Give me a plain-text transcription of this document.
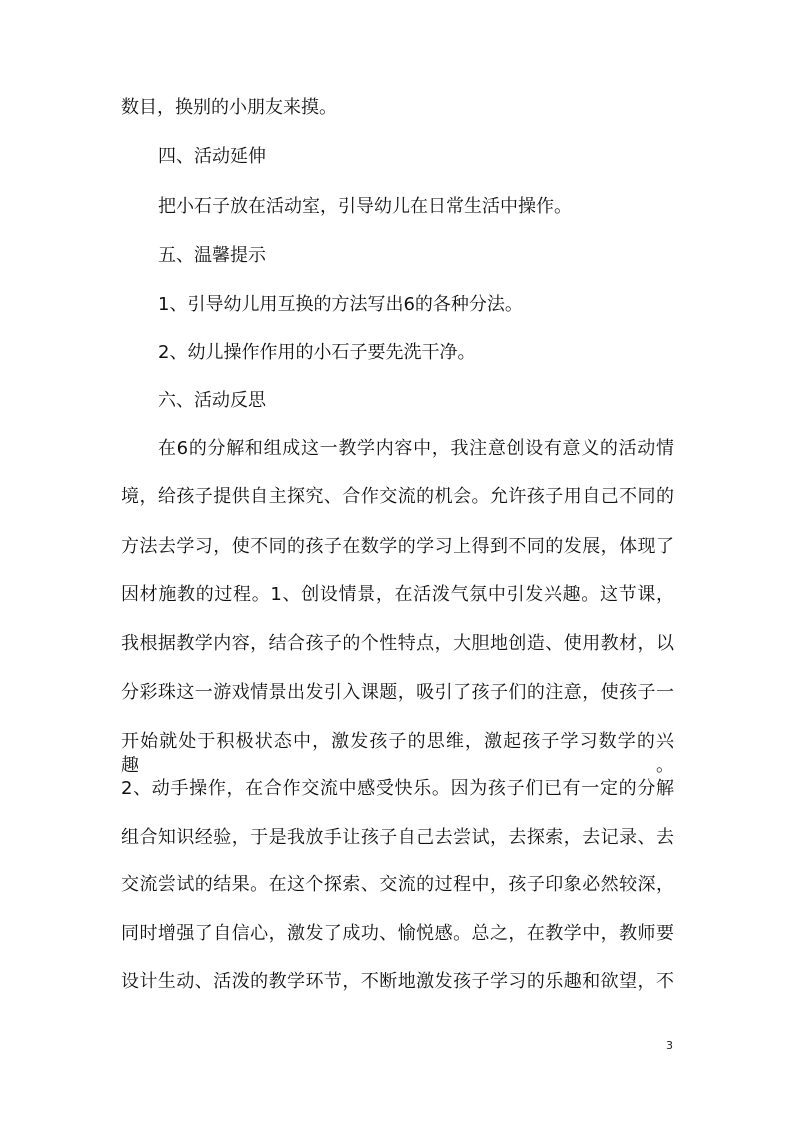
数目，换别的小朋友来摸。
四、活动延伸
把小石子放在活动室，引导幼儿在日常生活中操作。
五、温馨提示
1、引导幼儿用互换的方法写出6的各种分法。
2、幼儿操作作用的小石子要先洗干净。
六、活动反思
在6的分解和组成这一教学内容中，我注意创设有意义的活动情
境，给孩子提供自主探究、合作交流的机会。允许孩子用自己不同的
方法去学习，使不同的孩子在数学的学习上得到不同的发展，体现了
因材施教的过程。1、创设情景，在活泼气氛中引发兴趣。这节课，
我根据教学内容，结合孩子的个性特点，大胆地创造、使用教材，以
分彩珠这一游戏情景出发引入课题，吸引了孩子们的注意，使孩子一
开始就处于积极状态中，激发孩子的思维，激起孩子学习数学的兴趣。
2、动手操作，在合作交流中感受快乐。因为孩子们已有一定的分解
组合知识经验，于是我放手让孩子自己去尝试，去探索，去记录、去
交流尝试的结果。在这个探索、交流的过程中，孩子印象必然较深，
同时增强了自信心，激发了成功、愉悦感。总之，在教学中，教师要
设计生动、活泼的教学环节，不断地激发孩子学习的乐趣和欲望，不
3
